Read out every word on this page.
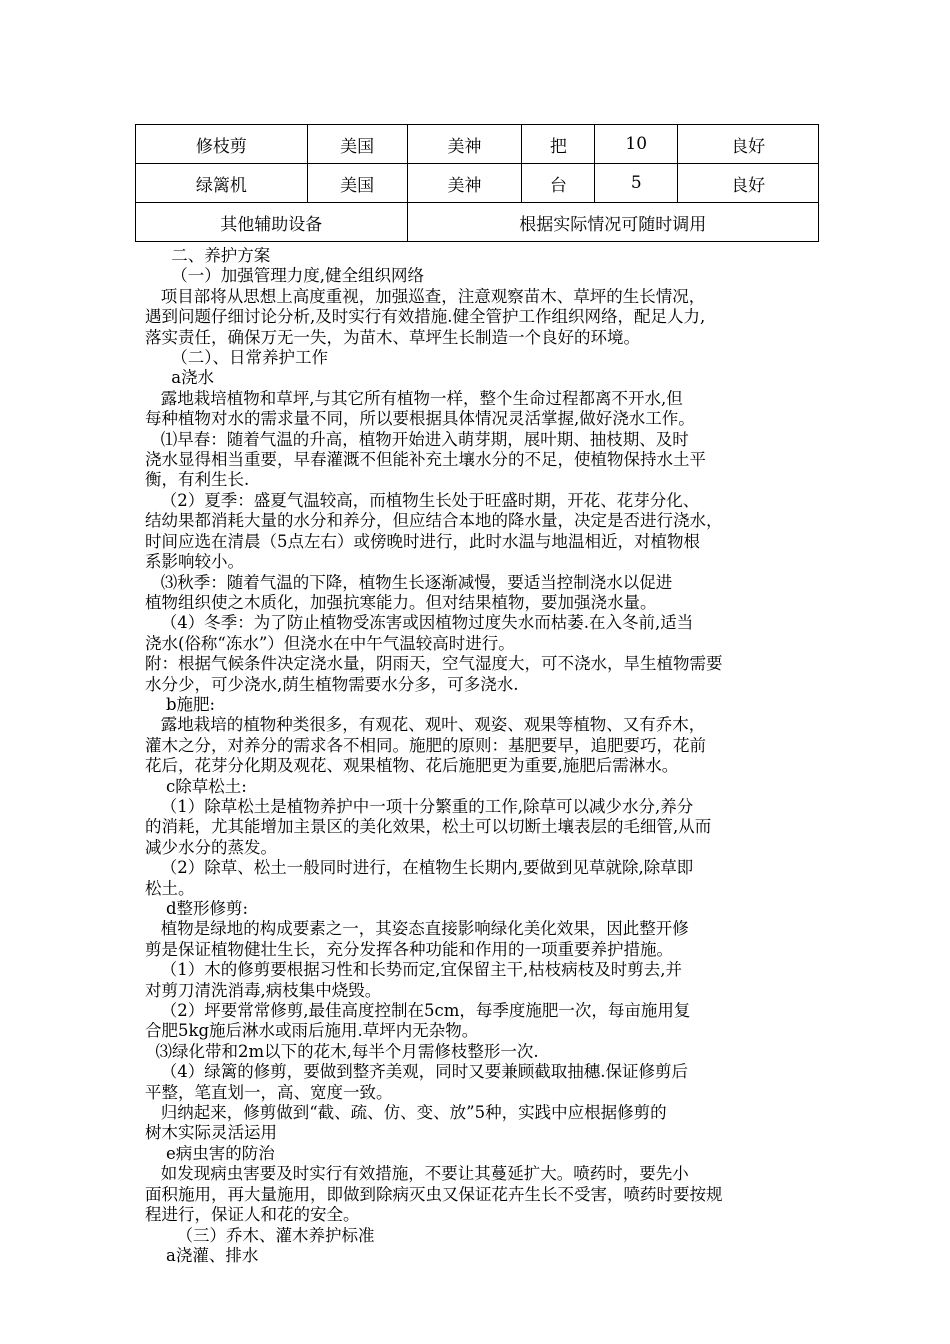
修枝剪	美国	美神	把	10	良好
绿篱机	美国	美神	台	5	良好
其他辅助设备		根据实际情况可随时调用			
二、养护方案
（一）加强管理力度,健全组织网络
项目部将从思想上高度重视，加强巡查，注意观察苗木、草坪的生长情况，
遇到问题仔细讨论分析,及时实行有效措施.健全管护工作组织网络，配足人力,
落实责任，确保万无一失，为苗木、草坪生长制造一个良好的环境。
（二）、日常养护工作
a浇水
露地栽培植物和草坪,与其它所有植物一样，整个生命过程都离不开水,但
每种植物对水的需求量不同，所以要根据具体情况灵活掌握,做好浇水工作。
⑴早春：随着气温的升高，植物开始进入萌芽期，展叶期、抽枝期、及时
浇水显得相当重要，早春灌溉不但能补充土壤水分的不足，使植物保持水土平
衡，有利生长.
（2）夏季：盛夏气温较高，而植物生长处于旺盛时期，开花、花芽分化、
结幼果都消耗大量的水分和养分，但应结合本地的降水量，决定是否进行浇水，
时间应选在清晨（5点左右）或傍晚时进行，此时水温与地温相近，对植物根
系影响较小。
⑶秋季：随着气温的下降，植物生长逐渐减慢，要适当控制浇水以促进
植物组织使之木质化，加强抗寒能力。但对结果植物，要加强浇水量。
（4）冬季：为了防止植物受冻害或因植物过度失水而枯萎.在入冬前,适当
浇水(俗称“冻水”）但浇水在中午气温较高时进行。
附：根据气候条件决定浇水量，阴雨天，空气湿度大，可不浇水，旱生植物需要
水分少，可少浇水,荫生植物需要水分多，可多浇水.
b施肥:
露地栽培的植物种类很多，有观花、观叶、观姿、观果等植物、又有乔木，
灌木之分，对养分的需求各不相同。施肥的原则：基肥要早，追肥要巧，花前
花后，花芽分化期及观花、观果植物、花后施肥更为重要,施肥后需淋水。
c除草松土:
（1）除草松土是植物养护中一项十分繁重的工作,除草可以减少水分,养分
的消耗，尤其能增加主景区的美化效果，松土可以切断土壤表层的毛细管,从而
减少水分的蒸发。
（2）除草、松土一般同时进行，在植物生长期内,要做到见草就除,除草即
松土。
d整形修剪:
植物是绿地的构成要素之一，其姿态直接影响绿化美化效果，因此整开修
剪是保证植物健壮生长，充分发挥各种功能和作用的一项重要养护措施。
（1）木的修剪要根据习性和长势而定,宜保留主干,枯枝病枝及时剪去,并
对剪刀清洗消毒,病枝集中烧毁。
（2）坪要常常修剪,最佳高度控制在5cm，每季度施肥一次，每亩施用复
合肥5kg施后淋水或雨后施用.草坪内无杂物。
⑶绿化带和2m以下的花木,每半个月需修枝整形一次.
（4）绿篱的修剪，要做到整齐美观，同时又要兼顾截取抽穗.保证修剪后
平整，笔直划一，高、宽度一致。
归纳起来，修剪做到“截、疏、仿、变、放”5种，实践中应根据修剪的
树木实际灵活运用
e病虫害的防治
如发现病虫害要及时实行有效措施，不要让其蔓延扩大。喷药时，要先小
面积施用，再大量施用，即做到除病灭虫又保证花卉生长不受害，喷药时要按规
程进行，保证人和花的安全。
（三）乔木、灌木养护标准
a浇灌、排水
